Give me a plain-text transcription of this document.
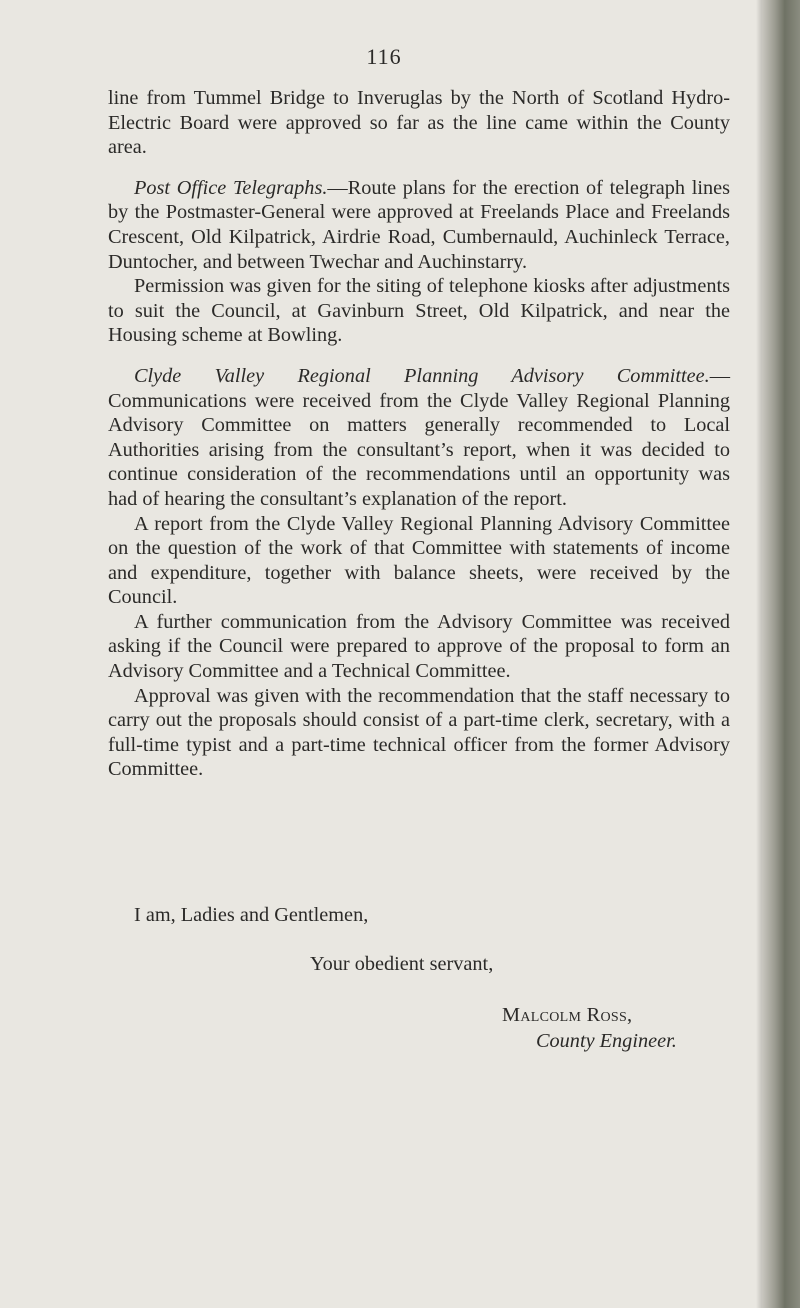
116

line from Tummel Bridge to Inveruglas by the North of Scotland Hydro-Electric Board were approved so far as the line came within the County area.

Post Office Telegraphs.—Route plans for the erection of telegraph lines by the Postmaster-General were approved at Freelands Place and Freelands Crescent, Old Kilpatrick, Airdrie Road, Cumbernauld, Auchinleck Terrace, Duntocher, and between Twechar and Auchinstarry.

Permission was given for the siting of telephone kiosks after adjustments to suit the Council, at Gavinburn Street, Old Kilpatrick, and near the Housing scheme at Bowling.

Clyde Valley Regional Planning Advisory Committee.— Communications were received from the Clyde Valley Regional Planning Advisory Committee on matters generally recommended to Local Authorities arising from the consultant’s report, when it was decided to continue consideration of the recommendations until an opportunity was had of hearing the consultant’s explanation of the report.

A report from the Clyde Valley Regional Planning Advisory Committee on the question of the work of that Committee with statements of income and expenditure, together with balance sheets, were received by the Council.

A further communication from the Advisory Committee was received asking if the Council were prepared to approve of the proposal to form an Advisory Committee and a Technical Committee.

Approval was given with the recommendation that the staff necessary to carry out the proposals should consist of a part-time clerk, secretary, with a full-time typist and a part-time technical officer from the former Advisory Committee.

I am, Ladies and Gentlemen,
Your obedient servant,
Malcolm Ross,
County Engineer.
